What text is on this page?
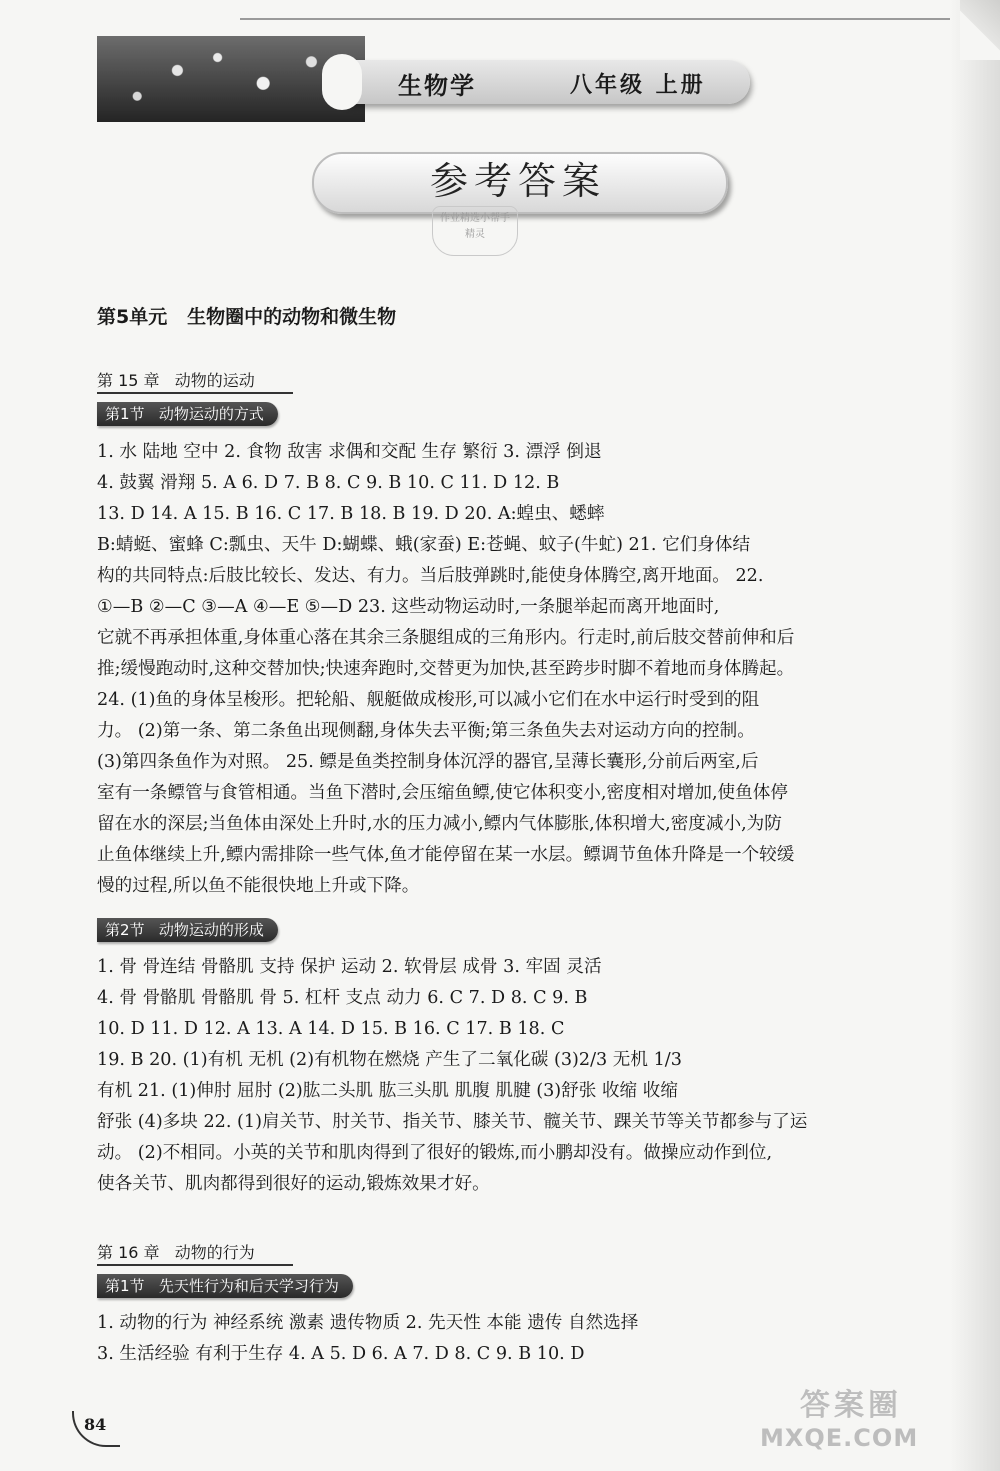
生物学	八年级 上册
参考答案
作业精选小帮手
精灵
第5单元   生物圈中的动物和微生物
第 15 章   动物的运动
第1节   动物运动的方式
1. 水 陆地 空中 2. 食物 敌害 求偶和交配 生存 繁衍 3. 漂浮 倒退
4. 鼓翼 滑翔 5. A 6. D 7. B 8. C 9. B 10. C 11. D 12. B
13. D 14. A 15. B 16. C 17. B 18. B 19. D 20. A:蝗虫、蟋蟀
B:蜻蜓、蜜蜂 C:瓢虫、天牛 D:蝴蝶、蛾(家蚕) E:苍蝇、蚊子(牛虻) 21. 它们身体结
构的共同特点:后肢比较长、发达、有力。当后肢弹跳时,能使身体腾空,离开地面。 22.
①—B ②—C ③—A ④—E ⑤—D 23. 这些动物运动时,一条腿举起而离开地面时,
它就不再承担体重,身体重心落在其余三条腿组成的三角形内。行走时,前后肢交替前伸和后
推;缓慢跑动时,这种交替加快;快速奔跑时,交替更为加快,甚至跨步时脚不着地而身体腾起。
24. (1)鱼的身体呈梭形。把轮船、舰艇做成梭形,可以减小它们在水中运行时受到的阻
力。 (2)第一条、第二条鱼出现侧翻,身体失去平衡;第三条鱼失去对运动方向的控制。
(3)第四条鱼作为对照。 25. 鳔是鱼类控制身体沉浮的器官,呈薄长囊形,分前后两室,后
室有一条鳔管与食管相通。当鱼下潜时,会压缩鱼鳔,使它体积变小,密度相对增加,使鱼体停
留在水的深层;当鱼体由深处上升时,水的压力减小,鳔内气体膨胀,体积增大,密度减小,为防
止鱼体继续上升,鳔内需排除一些气体,鱼才能停留在某一水层。鳔调节鱼体升降是一个较缓
慢的过程,所以鱼不能很快地上升或下降。
第2节   动物运动的形成
1. 骨 骨连结 骨骼肌 支持 保护 运动 2. 软骨层 成骨 3. 牢固 灵活
4. 骨 骨骼肌 骨骼肌 骨 5. 杠杆 支点 动力 6. C 7. D 8. C 9. B
10. D 11. D 12. A 13. A 14. D 15. B 16. C 17. B 18. C
19. B 20. (1)有机 无机 (2)有机物在燃烧 产生了二氧化碳 (3)2/3 无机 1/3
有机 21. (1)伸肘 屈肘 (2)肱二头肌 肱三头肌 肌腹 肌腱 (3)舒张 收缩 收缩
舒张 (4)多块 22. (1)肩关节、肘关节、指关节、膝关节、髋关节、踝关节等关节都参与了运
动。 (2)不相同。小英的关节和肌肉得到了很好的锻炼,而小鹏却没有。做操应动作到位,
使各关节、肌肉都得到很好的运动,锻炼效果才好。
第 16 章   动物的行为
第1节   先天性行为和后天学习行为
1. 动物的行为 神经系统 激素 遗传物质 2. 先天性 本能 遗传 自然选择
3. 生活经验 有利于生存 4. A 5. D 6. A 7. D 8. C 9. B 10. D
84
答案圈
MXQE.COM
